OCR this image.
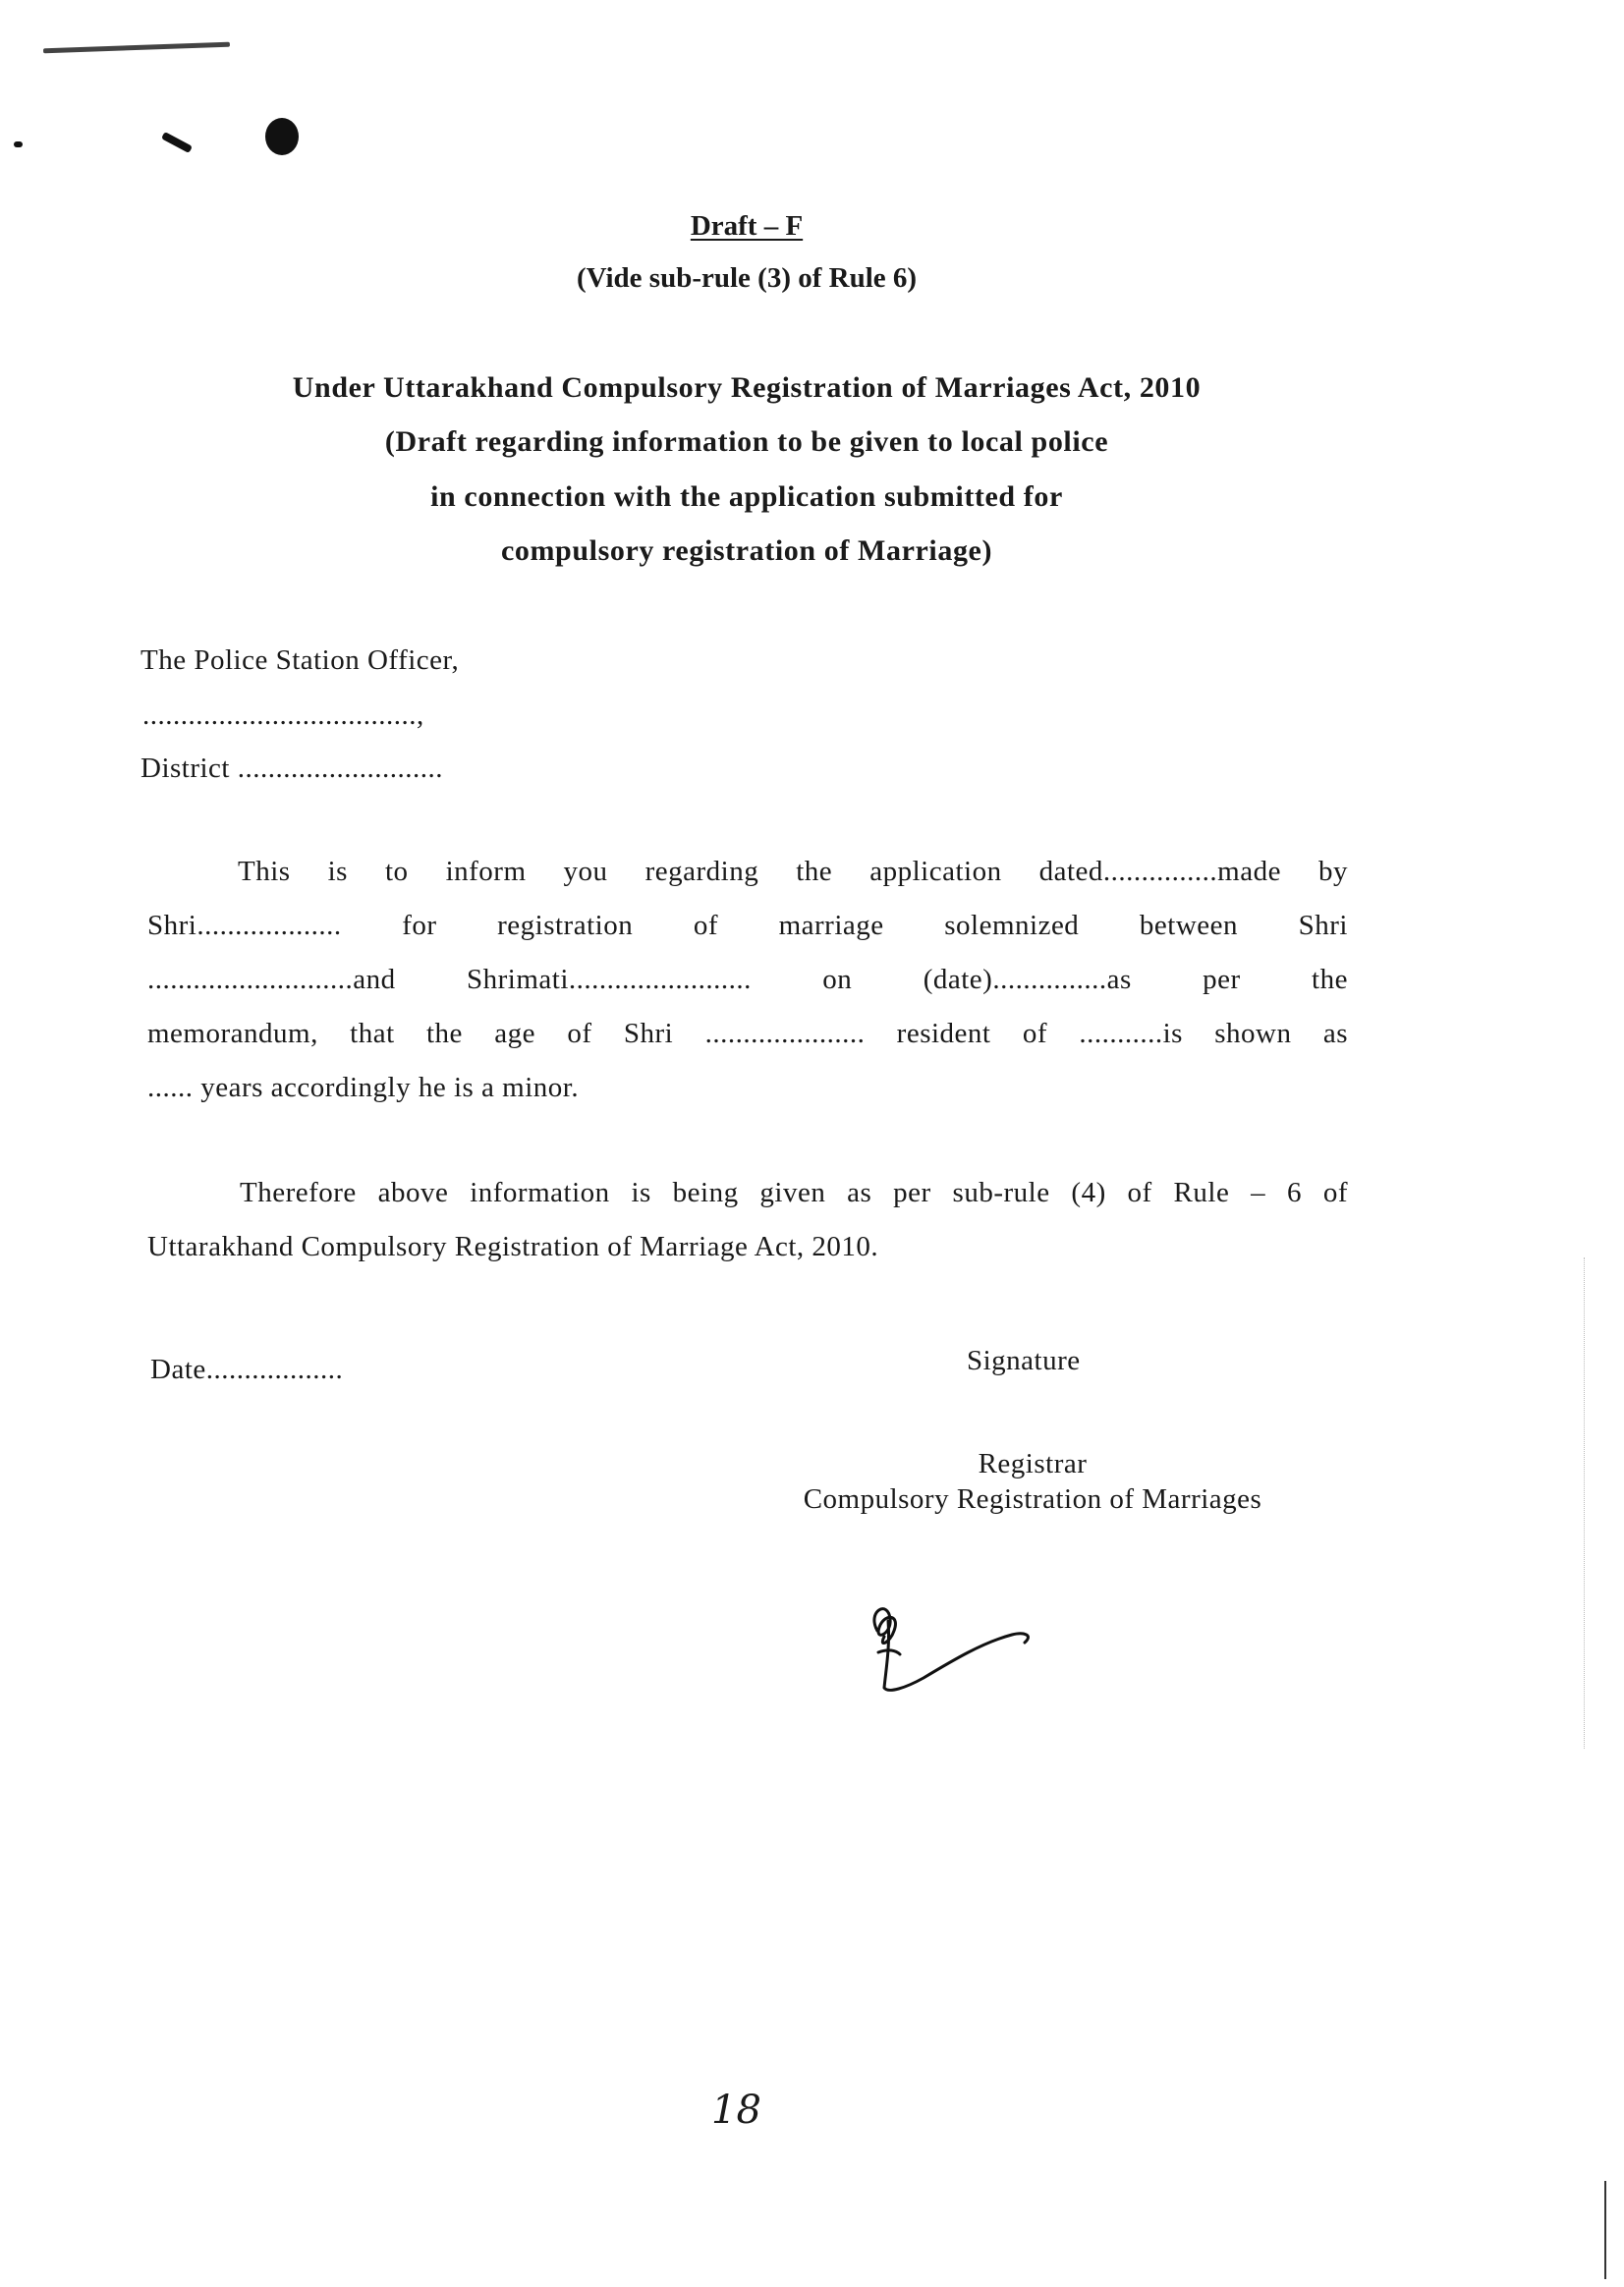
Draft – F
(Vide sub-rule (3) of Rule 6)
Under Uttarakhand Compulsory Registration of Marriages Act, 2010
(Draft regarding information to be given to local police
in connection with the application submitted for
compulsory registration of Marriage)
The Police Station Officer,
....................................,
District ...........................
This is to inform you regarding the application dated...............made by
Shri................... for registration of marriage solemnized between Shri
...........................and Shrimati........................ on (date)...............as per the
memorandum, that the age of Shri ..................... resident of ...........is shown as
...... years accordingly he is a minor.
Therefore above information is being given as per sub-rule (4) of Rule – 6 of
Uttarakhand Compulsory Registration of Marriage Act, 2010.
Date..................	Signature
Registrar
Compulsory Registration of Marriages
18
